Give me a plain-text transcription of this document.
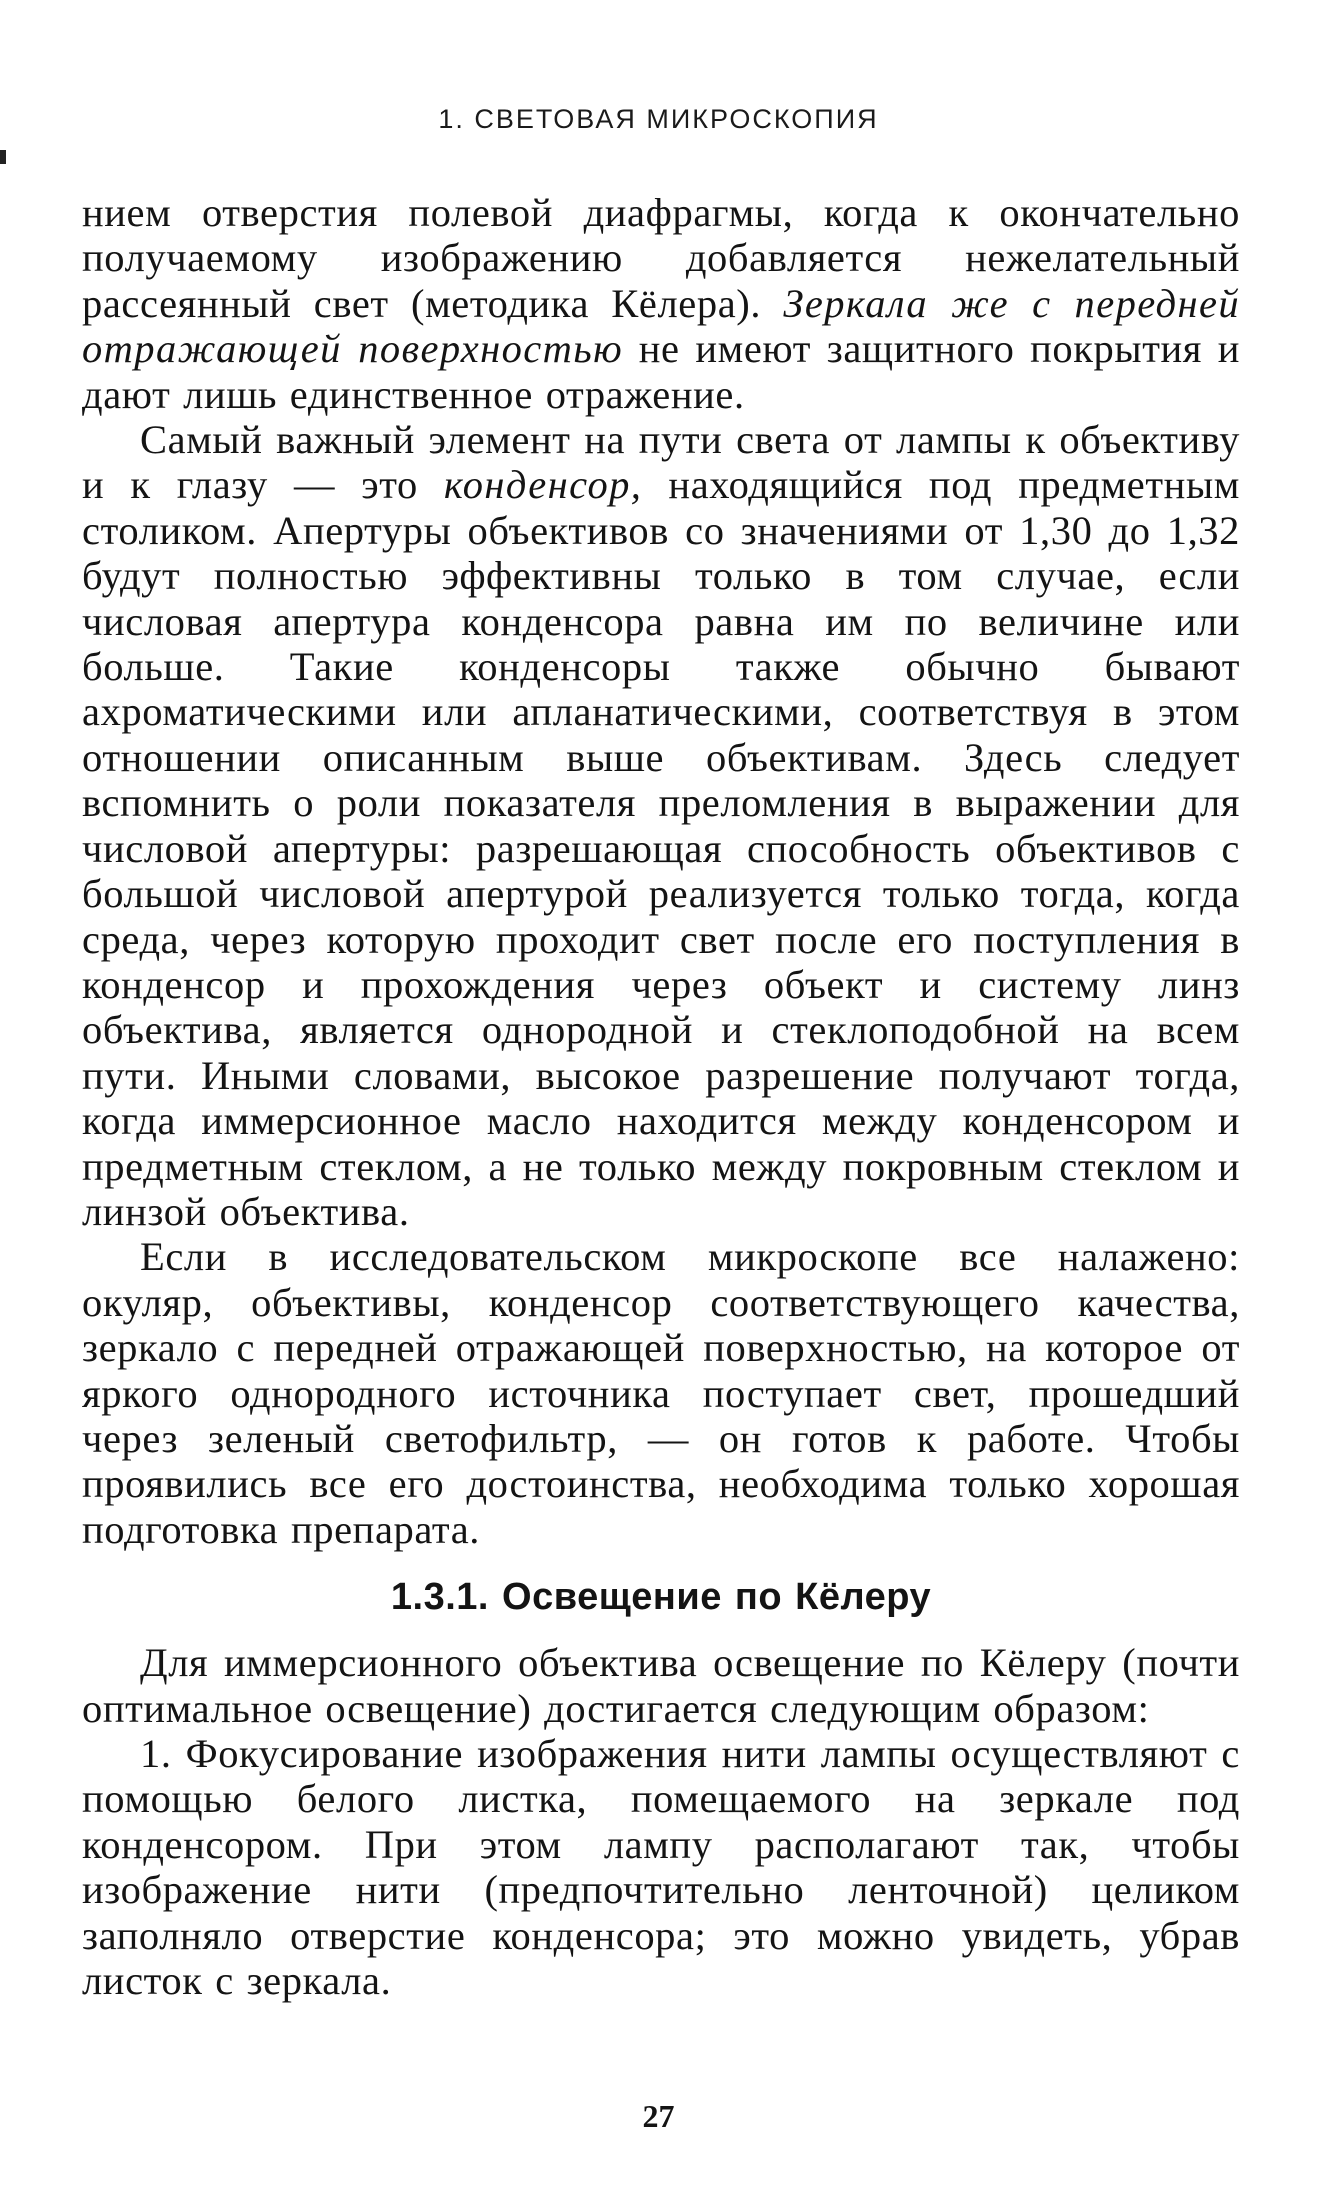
1. СВЕТОВАЯ МИКРОСКОПИЯ

нием отверстия полевой диафрагмы, когда к окончательно получаемому изображению добавляется нежелательный рассеянный свет (методика Кёлера). Зеркала же с передней отражающей поверхностью не имеют защитного покрытия и дают лишь единственное отражение.

Самый важный элемент на пути света от лампы к объективу и к глазу — это конденсор, находящийся под предметным столиком. Апертуры объективов со значениями от 1,30 до 1,32 будут полностью эффективны только в том случае, если числовая апертура конденсора равна им по величине или больше. Такие конденсоры также обычно бывают ахроматическими или апланатическими, соответствуя в этом отношении описанным выше объективам. Здесь следует вспомнить о роли показателя преломления в выражении для числовой апертуры: разрешающая способность объективов с большой числовой апертурой реализуется только тогда, когда среда, через которую проходит свет после его поступления в конденсор и прохождения через объект и систему линз объектива, является однородной и стеклоподобной на всем пути. Иными словами, высокое разрешение получают тогда, когда иммерсионное масло находится между конденсором и предметным стеклом, а не только между покровным стеклом и линзой объектива.

Если в исследовательском микроскопе все налажено: окуляр, объективы, конденсор соответствующего качества, зеркало с передней отражающей поверхностью, на которое от яркого однородного источника поступает свет, прошедший через зеленый светофильтр, — он готов к работе. Чтобы проявились все его достоинства, необходима только хорошая подготовка препарата.

1.3.1. Освещение по Кёлеру

Для иммерсионного объектива освещение по Кёлеру (почти оптимальное освещение) достигается следующим образом:

1. Фокусирование изображения нити лампы осуществляют с помощью белого листка, помещаемого на зеркале под конденсором. При этом лампу располагают так, чтобы изображение нити (предпочтительно ленточной) целиком заполняло отверстие конденсора; это можно увидеть, убрав листок с зеркала.

27
